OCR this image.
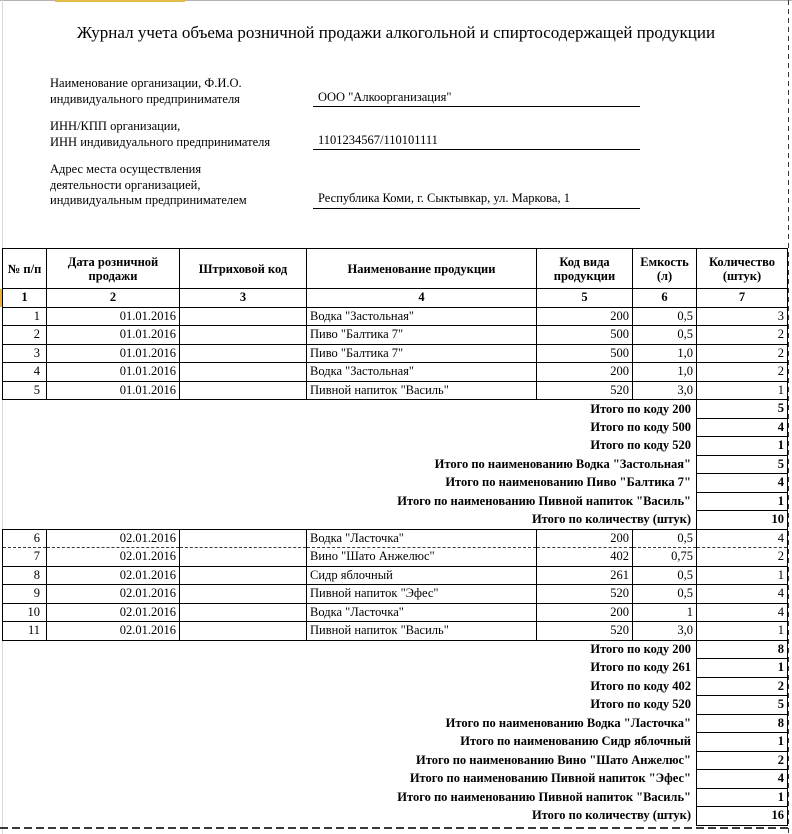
Журнал учета объема розничной продажи алкогольной и спиртосодержащей продукции
Наименование организации, Ф.И.О.
индивидуального предпринимателя	ООО "Алкоорганизация"
ИНН/КПП организации,
ИНН индивидуального предпринимателя	1101234567/110101111
Адрес места осуществления
деятельности организацией,
индивидуальным предпринимателем	Республика Коми, г. Сыктывкар, ул. Маркова, 1
№ п/п	Дата розничной продажи	Штриховой код	Наименование продукции	Код вида продукции	Емкость (л)	Количество (штук)
1	2	3	4	5	6	7
1	01.01.2016		Водка "Застольная"	200	0,5	3
2	01.01.2016		Пиво "Балтика 7"	500	0,5	2
3	01.01.2016		Пиво "Балтика 7"	500	1,0	2
4	01.01.2016		Водка "Застольная"	200	1,0	2
5	01.01.2016		Пивной напиток "Василь"	520	3,0	1
Итого по коду 200						5
Итого по коду 500						4
Итого по коду 520						1
Итого по наименованию Водка "Застольная"						5
Итого по наименованию Пиво "Балтика 7"						4
Итого по наименованию Пивной напиток "Василь"						1
Итого по количеству (штук)						10
6	02.01.2016		Водка "Ласточка"	200	0,5	4
7	02.01.2016		Вино "Шато Анжелюс"	402	0,75	2
8	02.01.2016		Сидр яблочный	261	0,5	1
9	02.01.2016		Пивной напиток "Эфес"	520	0,5	4
10	02.01.2016		Водка "Ласточка"	200	1	4
11	02.01.2016		Пивной напиток "Василь"	520	3,0	1
Итого по коду 200						8
Итого по коду 261						1
Итого по коду 402						2
Итого по коду 520						5
Итого по наименованию Водка "Ласточка"						8
Итого по наименованию Сидр яблочный						1
Итого по наименованию Вино "Шато Анжелюс"						2
Итого по наименованию Пивной напиток "Эфес"						4
Итого по наименованию Пивной напиток "Василь"						1
Итого по количеству (штук)						16
